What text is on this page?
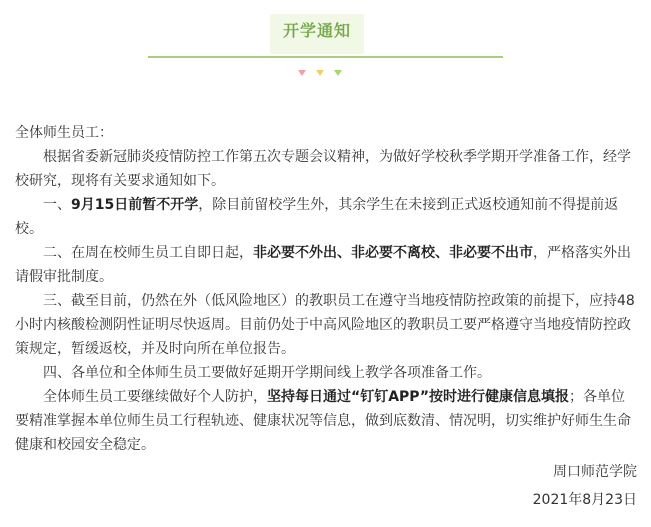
开学通知

全体师生员工：

根据省委新冠肺炎疫情防控工作第五次专题会议精神，为做好学校秋季学期开学准备工作，经学校研究，现将有关要求通知如下。

一、9月15日前暂不开学，除目前留校学生外，其余学生在未接到正式返校通知前不得提前返校。

二、在周在校师生员工自即日起，非必要不外出、非必要不离校、非必要不出市，严格落实外出请假审批制度。

三、截至目前，仍然在外（低风险地区）的教职员工在遵守当地疫情防控政策的前提下，应持48小时内核酸检测阴性证明尽快返周。目前仍处于中高风险地区的教职员工要严格遵守当地疫情防控政策规定，暂缓返校，并及时向所在单位报告。

四、各单位和全体师生员工要做好延期开学期间线上教学各项准备工作。

全体师生员工要继续做好个人防护，坚持每日通过“钉钉APP”按时进行健康信息填报；各单位要精准掌握本单位师生员工行程轨迹、健康状况等信息，做到底数清、情况明，切实维护好师生生命健康和校园安全稳定。

周口师范学院
2021年8月23日
